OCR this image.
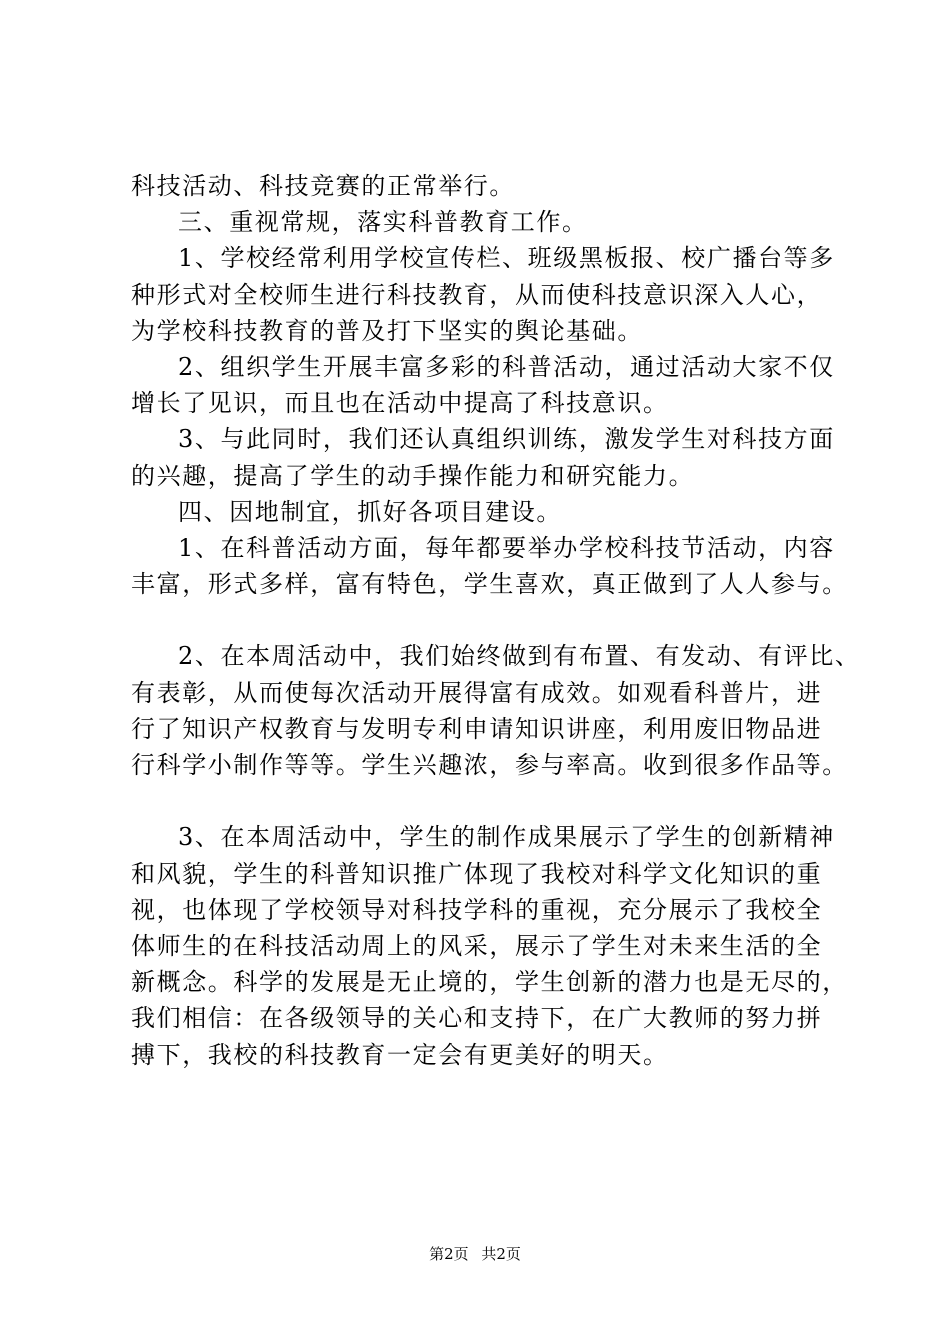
科技活动、科技竞赛的正常举行。
三、重视常规，落实科普教育工作。
1、学校经常利用学校宣传栏、班级黑板报、校广播台等多
种形式对全校师生进行科技教育，从而使科技意识深入人心，
为学校科技教育的普及打下坚实的舆论基础。
2、组织学生开展丰富多彩的科普活动，通过活动大家不仅
增长了见识，而且也在活动中提高了科技意识。
3、与此同时，我们还认真组织训练，激发学生对科技方面
的兴趣，提高了学生的动手操作能力和研究能力。
四、因地制宜，抓好各项目建设。
1、在科普活动方面，每年都要举办学校科技节活动，内容
丰富，形式多样，富有特色，学生喜欢，真正做到了人人参与。
2、在本周活动中，我们始终做到有布置、有发动、有评比、
有表彰，从而使每次活动开展得富有成效。如观看科普片，进
行了知识产权教育与发明专利申请知识讲座，利用废旧物品进
行科学小制作等等。学生兴趣浓，参与率高。收到很多作品等。
3、在本周活动中，学生的制作成果展示了学生的创新精神
和风貌，学生的科普知识推广体现了我校对科学文化知识的重
视，也体现了学校领导对科技学科的重视，充分展示了我校全
体师生的在科技活动周上的风采，展示了学生对未来生活的全
新概念。科学的发展是无止境的，学生创新的潜力也是无尽的，
我们相信：在各级领导的关心和支持下，在广大教师的努力拼
搏下，我校的科技教育一定会有更美好的明天。
第2页 共2页
